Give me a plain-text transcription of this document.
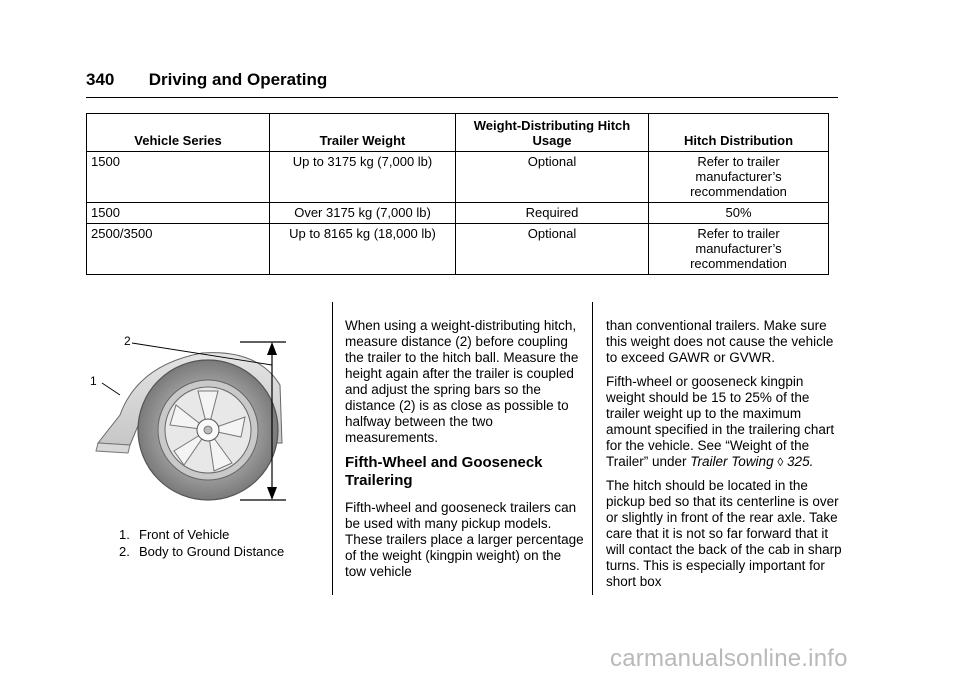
340 Driving and Operating
Vehicle Series	Trailer Weight	Weight-Distributing Hitch Usage	Hitch Distribution
1500	Up to 3175 kg (7,000 lb)	Optional	Refer to trailer manufacturer’s recommendation
1500	Over 3175 kg (7,000 lb)	Required	50%
2500/3500	Up to 8165 kg (18,000 lb)	Optional	Refer to trailer manufacturer’s recommendation
2
1
1. Front of Vehicle
2. Body to Ground Distance

When using a weight-distributing hitch, measure distance (2) before coupling the trailer to the hitch ball. Measure the height again after the trailer is coupled and adjust the spring bars so the distance (2) is as close as possible to halfway between the two measurements.

Fifth-Wheel and Gooseneck Trailering

Fifth-wheel and gooseneck trailers can be used with many pickup models. These trailers place a larger percentage of the weight (kingpin weight) on the tow vehicle

than conventional trailers. Make sure this weight does not cause the vehicle to exceed GAWR or GVWR.

Fifth-wheel or gooseneck kingpin weight should be 15 to 25% of the trailer weight up to the maximum amount specified in the trailering chart for the vehicle. See “Weight of the Trailer” under Trailer Towing ◊ 325.

The hitch should be located in the pickup bed so that its centerline is over or slightly in front of the rear axle. Take care that it is not so far forward that it will contact the back of the cab in sharp turns. This is especially important for short box

carmanualsonline.info
